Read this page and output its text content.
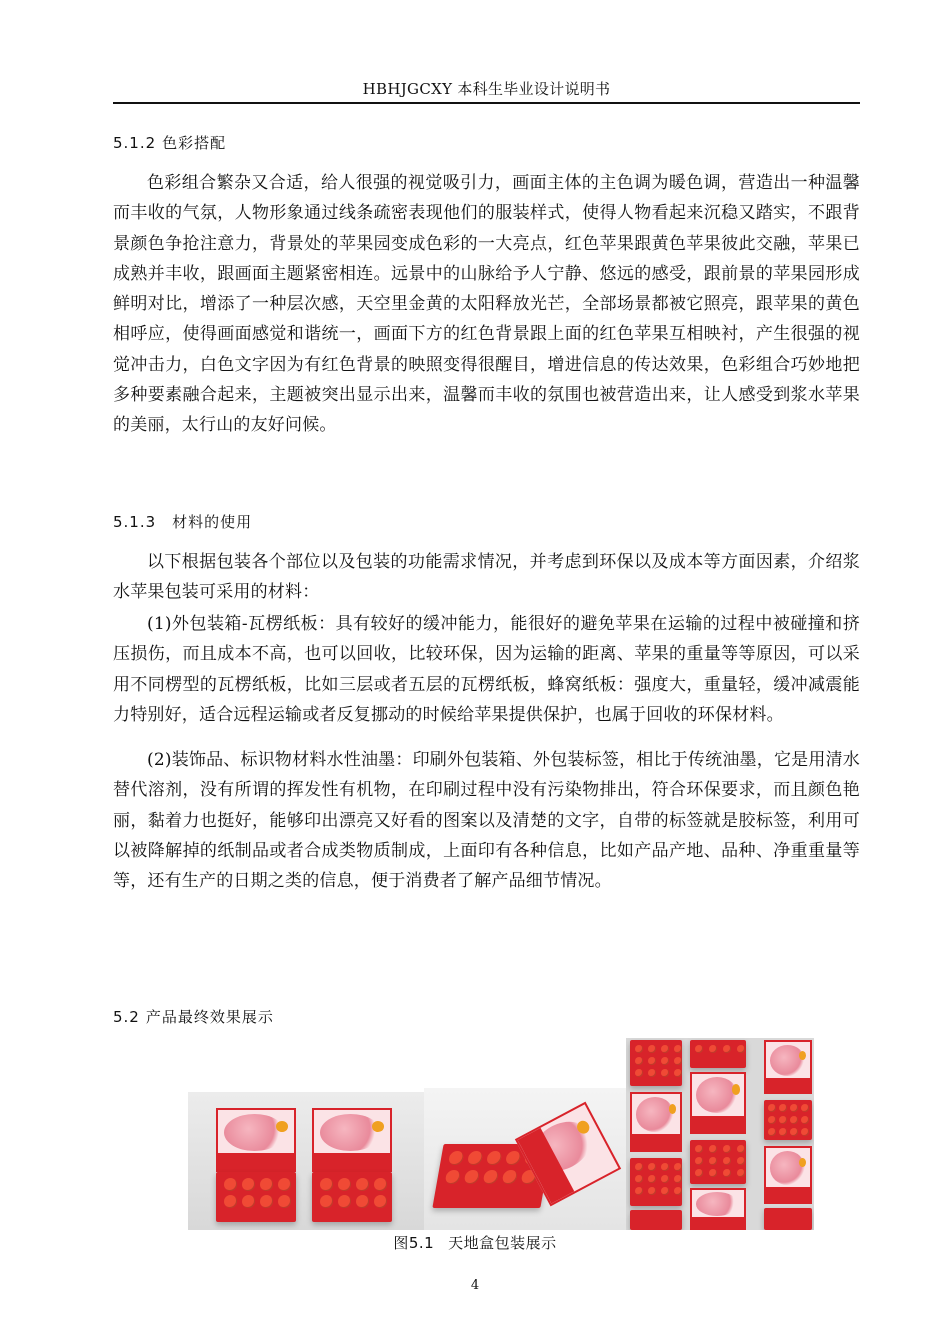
HBHJGCXY 本科生毕业设计说明书
5.1.2 色彩搭配

色彩组合繁杂又合适，给人很强的视觉吸引力，画面主体的主色调为暖色调，营造出一种温馨而丰收的气氛，人物形象通过线条疏密表现他们的服装样式，使得人物看起来沉稳又踏实，不跟背景颜色争抢注意力，背景处的苹果园变成色彩的一大亮点，红色苹果跟黄色苹果彼此交融，苹果已成熟并丰收，跟画面主题紧密相连。远景中的山脉给予人宁静、悠远的感受，跟前景的苹果园形成鲜明对比，增添了一种层次感，天空里金黄的太阳释放光芒，全部场景都被它照亮，跟苹果的黄色相呼应，使得画面感觉和谐统一，画面下方的红色背景跟上面的红色苹果互相映衬，产生很强的视觉冲击力，白色文字因为有红色背景的映照变得很醒目，增进信息的传达效果，色彩组合巧妙地把多种要素融合起来，主题被突出显示出来，温馨而丰收的氛围也被营造出来，让人感受到浆水苹果的美丽，太行山的友好问候。

5.1.3 材料的使用

以下根据包装各个部位以及包装的功能需求情况，并考虑到环保以及成本等方面因素，介绍浆水苹果包装可采用的材料：

(1)外包装箱-瓦楞纸板：具有较好的缓冲能力，能很好的避免苹果在运输的过程中被碰撞和挤压损伤，而且成本不高，也可以回收，比较环保，因为运输的距离、苹果的重量等等原因，可以采用不同楞型的瓦楞纸板，比如三层或者五层的瓦楞纸板，蜂窝纸板：强度大，重量轻，缓冲减震能力特别好，适合远程运输或者反复挪动的时候给苹果提供保护，也属于回收的环保材料。

(2)装饰品、标识物材料水性油墨：印刷外包装箱、外包装标签，相比于传统油墨，它是用清水替代溶剂，没有所谓的挥发性有机物，在印刷过程中没有污染物排出，符合环保要求，而且颜色艳丽，黏着力也挺好，能够印出漂亮又好看的图案以及清楚的文字，自带的标签就是胶标签，利用可以被降解掉的纸制品或者合成类物质制成，上面印有各种信息，比如产品产地、品种、净重重量等等，还有生产的日期之类的信息，便于消费者了解产品细节情况。

5.2 产品最终效果展示
图5.1 天地盒包装展示
4
